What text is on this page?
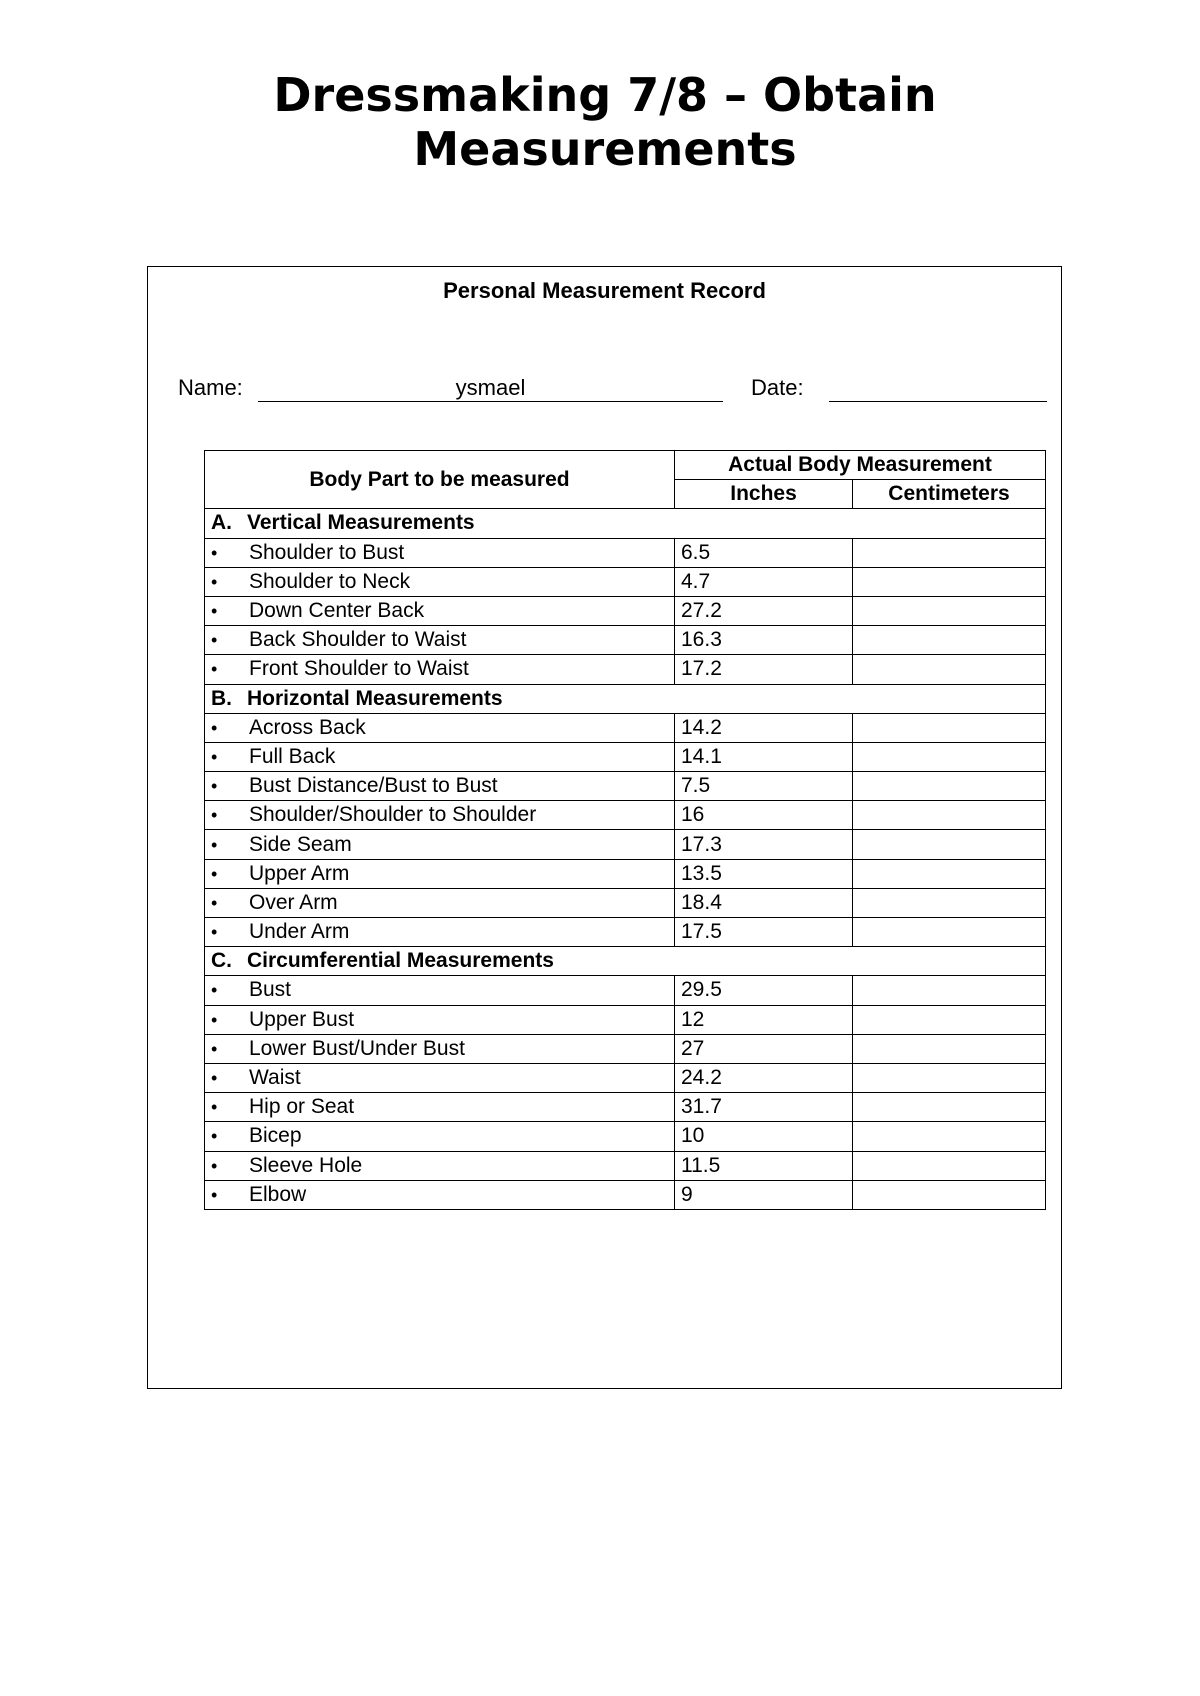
Dressmaking 7/8 – Obtain
Measurements
Personal Measurement Record
Name:	ysmael	Date:
Body Part to be measured	Actual Body Measurement	
	Inches	Centimeters
A. Vertical Measurements		
• Shoulder to Bust	6.5	
• Shoulder to Neck	4.7	
• Down Center Back	27.2	
• Back Shoulder to Waist	16.3	
• Front Shoulder to Waist	17.2	
B. Horizontal Measurements		
• Across Back	14.2	
• Full Back	14.1	
• Bust Distance/Bust to Bust	7.5	
• Shoulder/Shoulder to Shoulder	16	
• Side Seam	17.3	
• Upper Arm	13.5	
• Over Arm	18.4	
• Under Arm	17.5	
C. Circumferential Measurements		
• Bust	29.5	
• Upper Bust	12	
• Lower Bust/Under Bust	27	
• Waist	24.2	
• Hip or Seat	31.7	
• Bicep	10	
• Sleeve Hole	11.5	
• Elbow	9	
